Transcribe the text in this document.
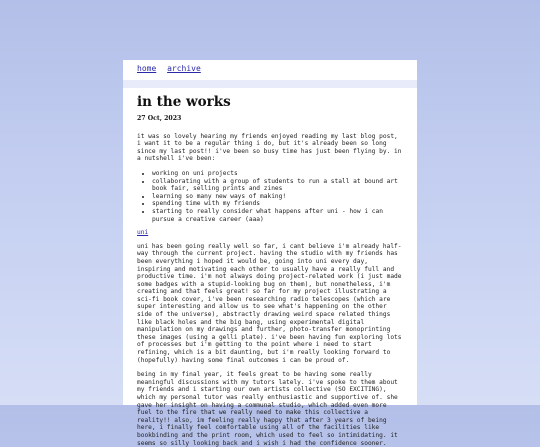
home archive
in the works
27 Oct, 2023

it was so lovely hearing my friends enjoyed reading my last blog post, i want it to be a regular thing i do, but it's already been so long since my last post!! i've been so busy time has just been flying by. in a nutshell i've been:

• working on uni projects
• collaborating with a group of students to run a stall at bound art book fair, selling prints and zines
• learning so many new ways of making!
• spending time with my friends
• starting to really consider what happens after uni - how i can pursue a creative career (aaa)
uni

uni has been going really well so far, i cant believe i'm already half-way through the current project. having the studio with my friends has been everything i hoped it would be, going into uni every day, inspiring and motivating each other to usually have a really full and productive time. i'm not always doing project-related work (i just made some badges with a stupid-looking bug on them), but nonetheless, i'm creating and that feels great! so far for my project illustrating a sci-fi book cover, i've been researching radio telescopes (which are super interesting and allow us to see what's happening on the other side of the universe), abstractly drawing weird space related things like black holes and the big bang, using experimental digital manipulation on my drawings and further, photo-transfer monoprinting these images (using a gelli plate). i've been having fun exploring lots of processes but i'm getting to the point where i need to start refining, which is a bit daunting, but i'm really looking forward to (hopefully) having some final outcomes i can be proud of.

being in my final year, it feels great to be having some really meaningful discussions with my tutors lately. i've spoke to them about my friends and i starting our own artists collective (SO EXCITING), which my personal tutor was really enthusiastic and supportive of. she gave her insight on having a communal studio, which added even more fuel to the fire that we really need to make this collective a reality!! also, im feeling really happy that after 3 years of being here, i finally feel comfortable using all of the facilities like bookbinding and the print room, which used to feel so intimidating. it seems so silly looking back and i wish i had the confidence sooner.
